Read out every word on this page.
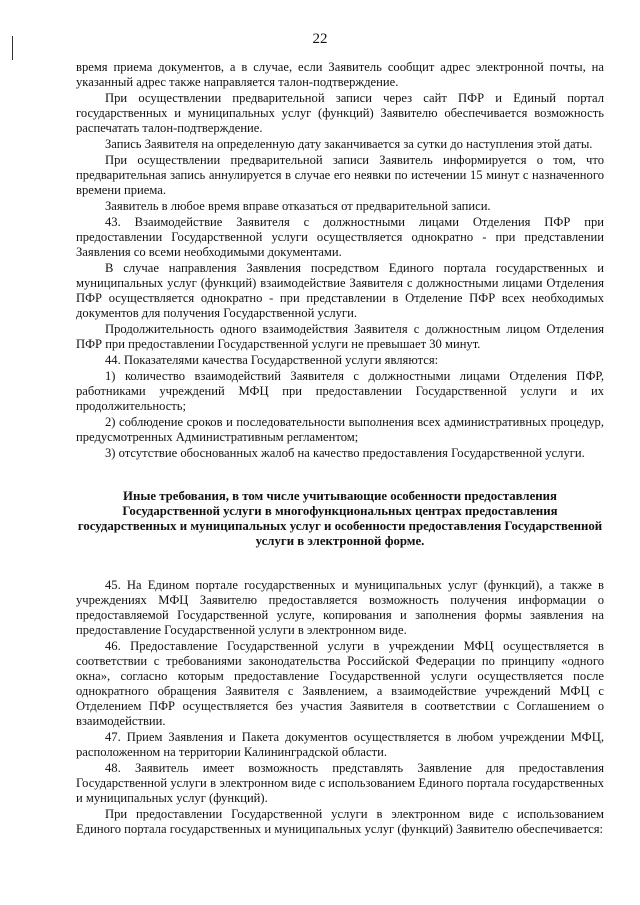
22

время приема документов, а в случае, если Заявитель сообщит адрес электронной почты, на указанный адрес также направляется талон-подтверждение.

При осуществлении предварительной записи через сайт ПФР и Единый портал государственных и муниципальных услуг (функций) Заявителю обеспечивается возможность распечатать талон-подтверждение.

Запись Заявителя на определенную дату заканчивается за сутки до наступления этой даты.

При осуществлении предварительной записи Заявитель информируется о том, что предварительная запись аннулируется в случае его неявки по истечении 15 минут с назначенного времени приема.

Заявитель в любое время вправе отказаться от предварительной записи.

43. Взаимодействие Заявителя с должностными лицами Отделения ПФР при предоставлении Государственной услуги осуществляется однократно - при представлении Заявления со всеми необходимыми документами.

В случае направления Заявления посредством Единого портала государственных и муниципальных услуг (функций) взаимодействие Заявителя с должностными лицами Отделения ПФР осуществляется однократно - при представлении в Отделение ПФР всех необходимых документов для получения Государственной услуги.

Продолжительность одного взаимодействия Заявителя с должностным лицом Отделения ПФР при предоставлении Государственной услуги не превышает 30 минут.

44. Показателями качества Государственной услуги являются:

1) количество взаимодействий Заявителя с должностными лицами Отделения ПФР, работниками учреждений МФЦ при предоставлении Государственной услуги и их продолжительность;

2) соблюдение сроков и последовательности выполнения всех административных процедур, предусмотренных Административным регламентом;

3) отсутствие обоснованных жалоб на качество предоставления Государственной услуги.

Иные требования, в том числе учитывающие особенности предоставления Государственной услуги в многофункциональных центрах предоставления государственных и муниципальных услуг и особенности предоставления Государственной услуги в электронной форме.

45. На Едином портале государственных и муниципальных услуг (функций), а также в учреждениях МФЦ Заявителю предоставляется возможность получения информации о предоставляемой Государственной услуге, копирования и заполнения формы заявления на предоставление Государственной услуги в электронном виде.

46. Предоставление Государственной услуги в учреждении МФЦ осуществляется в соответствии с требованиями законодательства Российской Федерации по принципу «одного окна», согласно которым предоставление Государственной услуги осуществляется после однократного обращения Заявителя с Заявлением, а взаимодействие учреждений МФЦ с Отделением ПФР осуществляется без участия Заявителя в соответствии с Соглашением о взаимодействии.

47. Прием Заявления и Пакета документов осуществляется в любом учреждении МФЦ, расположенном на территории Калининградской области.

48. Заявитель имеет возможность представлять Заявление для предоставления Государственной услуги в электронном виде с использованием Единого портала государственных и муниципальных услуг (функций).

При предоставлении Государственной услуги в электронном виде с использованием Единого портала государственных и муниципальных услуг (функций) Заявителю обеспечивается:
